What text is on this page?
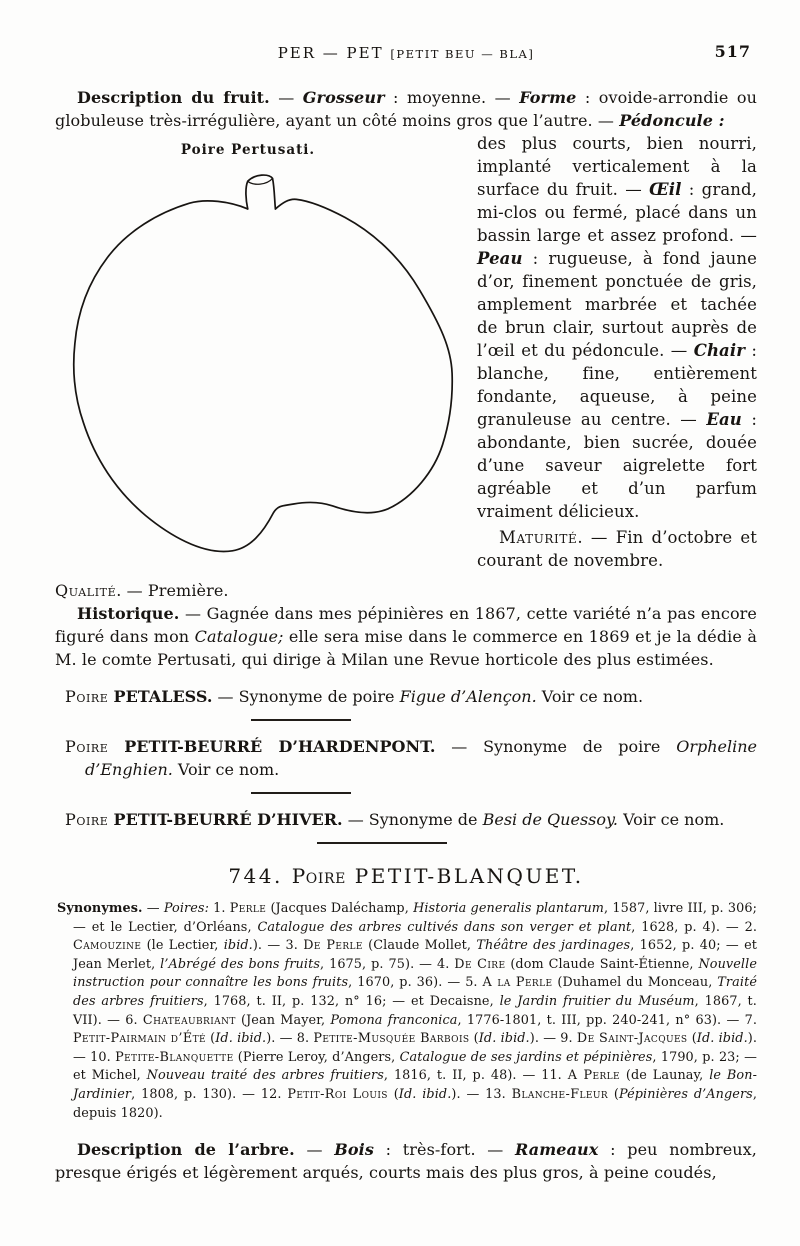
PER — PET [PETIT BEU — BLA]	517

Description du fruit. — Grosseur : moyenne. — Forme : ovoide-arrondie ou globuleuse très-irrégulière, ayant un côté moins gros que l’autre. — Pédoncule :

Poire Pertusati.	des plus courts, bien nourri, implanté verticalement à la surface du fruit. — Œil : grand, mi-clos ou fermé, placé dans un bassin large et assez profond. — Peau : rugueuse, à fond jaune d’or, finement ponctuée de gris, amplement marbrée et tachée de brun clair, surtout auprès de l’œil et du pédoncule. — Chair : blanche, fine, entièrement fondante, aqueuse, à peine granuleuse au centre. — Eau : abondante, bien sucrée, douée d’une saveur aigrelette fort agréable et d’un parfum vraiment délicieux.

Maturité. — Fin d’octobre et courant de novembre.

Qualité. — Première.

Historique. — Gagnée dans mes pépinières en 1867, cette variété n’a pas encore figuré dans mon Catalogue; elle sera mise dans le commerce en 1869 et je la dédie à M. le comte Pertusati, qui dirige à Milan une Revue horticole des plus estimées.

Poire PETALESS. — Synonyme de poire Figue d’Alençon. Voir ce nom.

Poire PETIT-BEURRÉ D’HARDENPONT. — Synonyme de poire Orpheline d’Enghien. Voir ce nom.

Poire PETIT-BEURRÉ D’HIVER. — Synonyme de Besi de Quessoy. Voir ce nom.

744. Poire PETIT-BLANQUET.

Synonymes. — Poires: 1. Perle (Jacques Daléchamp, Historia generalis plantarum, 1587, livre III, p. 306; — et le Lectier, d’Orléans, Catalogue des arbres cultivés dans son verger et plant, 1628, p. 4). — 2. Camouzine (le Lectier, ibid.). — 3. De Perle (Claude Mollet, Théâtre des jardinages, 1652, p. 40; — et Jean Merlet, l’Abrégé des bons fruits, 1675, p. 75). — 4. De Cire (dom Claude Saint-Étienne, Nouvelle instruction pour connaître les bons fruits, 1670, p. 36). — 5. A la Perle (Duhamel du Monceau, Traité des arbres fruitiers, 1768, t. II, p. 132, n° 16; — et Decaisne, le Jardin fruitier du Muséum, 1867, t. VII). — 6. Chateaubriant (Jean Mayer, Pomona franconica, 1776-1801, t. III, pp. 240-241, n° 63). — 7. Petit-Pairmain d’Été (Id. ibid.). — 8. Petite-Musquée Barbois (Id. ibid.). — 9. De Saint-Jacques (Id. ibid.). — 10. Petite-Blanquette (Pierre Leroy, d’Angers, Catalogue de ses jardins et pépinières, 1790, p. 23; — et Michel, Nouveau traité des arbres fruitiers, 1816, t. II, p. 48). — 11. A Perle (de Launay, le Bon-Jardinier, 1808, p. 130). — 12. Petit-Roi Louis (Id. ibid.). — 13. Blanche-Fleur (Pépinières d’Angers, depuis 1820).

Description de l’arbre. — Bois : très-fort. — Rameaux : peu nombreux, presque érigés et légèrement arqués, courts mais des plus gros, à peine coudés,
